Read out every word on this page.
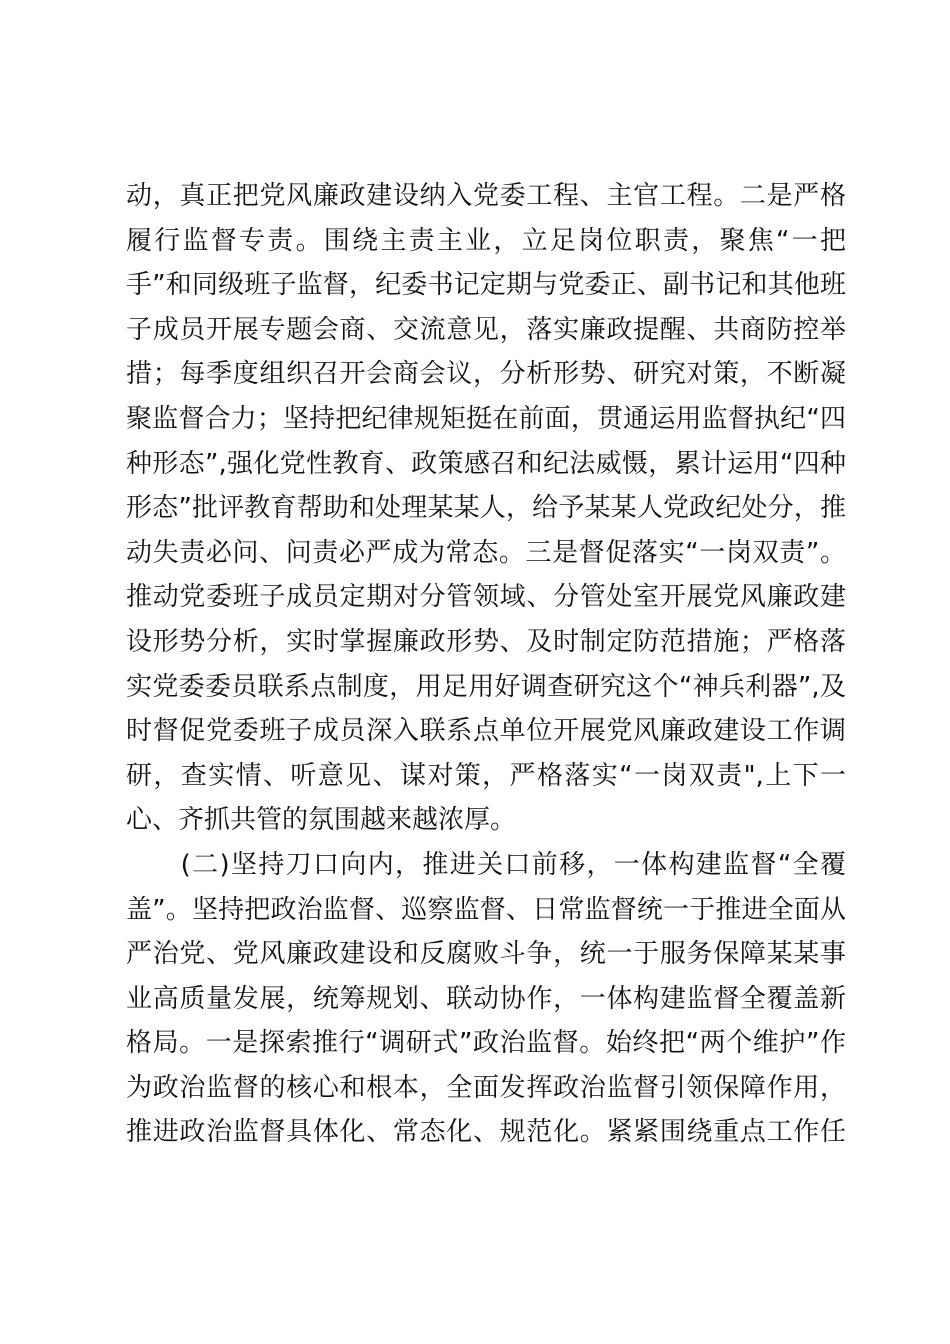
动，真正把党风廉政建设纳入党委工程、主官工程。二是严格
履行监督专责。围绕主责主业，立足岗位职责，聚焦“一把
手”和同级班子监督，纪委书记定期与党委正、副书记和其他班
子成员开展专题会商、交流意见，落实廉政提醒、共商防控举
措；每季度组织召开会商会议，分析形势、研究对策，不断凝
聚监督合力；坚持把纪律规矩挺在前面，贯通运用监督执纪“四
种形态”,强化党性教育、政策感召和纪法威慑，累计运用“四种
形态”批评教育帮助和处理某某人，给予某某人党政纪处分，推
动失责必问、问责必严成为常态。三是督促落实“一岗双责”。
推动党委班子成员定期对分管领域、分管处室开展党风廉政建
设形势分析，实时掌握廉政形势、及时制定防范措施；严格落
实党委委员联系点制度，用足用好调查研究这个“神兵利器”,及
时督促党委班子成员深入联系点单位开展党风廉政建设工作调
研，查实情、听意见、谋对策，严格落实“一岗双责",上下一
心、齐抓共管的氛围越来越浓厚。
　　(二)坚持刀口向内，推进关口前移，一体构建监督“全覆
盖”。坚持把政治监督、巡察监督、日常监督统一于推进全面从
严治党、党风廉政建设和反腐败斗争，统一于服务保障某某事
业高质量发展，统筹规划、联动协作，一体构建监督全覆盖新
格局。一是探索推行“调研式”政治监督。始终把“两个维护”作
为政治监督的核心和根本，全面发挥政治监督引领保障作用，
推进政治监督具体化、常态化、规范化。紧紧围绕重点工作任
